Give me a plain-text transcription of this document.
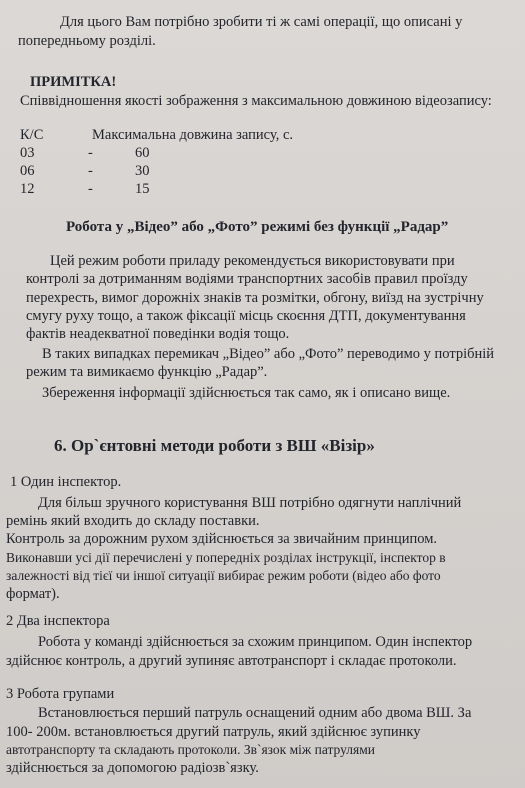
Для цього Вам потрібно зробити ті ж самі операції, що описані у

попередньому розділі.

ПРИМІТКА!

Співвідношення якості зображення з максимальною довжиною відеозапису:

К/С	Максимальна довжина запису, с.

03	-	60
06	-	30
12	-	15

Робота у „Відео” або „Фото” режимі без функції „Радар”

Цей режим роботи приладу рекомендується використовувати при

контролі за дотриманням водіями транспортних засобів правил проїзду

перехресть, вимог дорожніх знаків та розмітки, обгону, виїзд на зустрічну

смугу руху тощо, а також фіксації місць скоєння ДТП, документування

фактів неадекватної поведінки водія тощо.

В таких випадках перемикач „Відео” або „Фото” переводимо у потрібній

режим та вимикаємо функцію „Радар”.

Збереження інформації здійснюється так само, як і описано вище.

6. Ор`єнтовні методи роботи з ВШ «Візір»

1 Один інспектор.

Для більш зручного користування ВШ потрібно одягнути наплічний

ремінь який входить до складу поставки.

Контроль за дорожним рухом здійснюється за звичайним принципом.

Виконавши усі дії перечислені у попередніх розділах інструкції, інспектор в

залежності від тієї чи іншої ситуації вибирає режим роботи (відео або фото

формат).

2 Два інспектора

Робота у команді здійснюється за схожим принципом. Один інспектор

здійснює контроль, а другий зупиняє автотранспорт і складає протоколи.

3 Робота групами

Встановлюється перший патруль оснащений одним або двома ВШ. За

100- 200м. встановлюється другий патруль, який здійснює зупинку

автотранспорту та складають протоколи. Зв`язок між патрулями

здійснюється за допомогою радіозв`язку.
